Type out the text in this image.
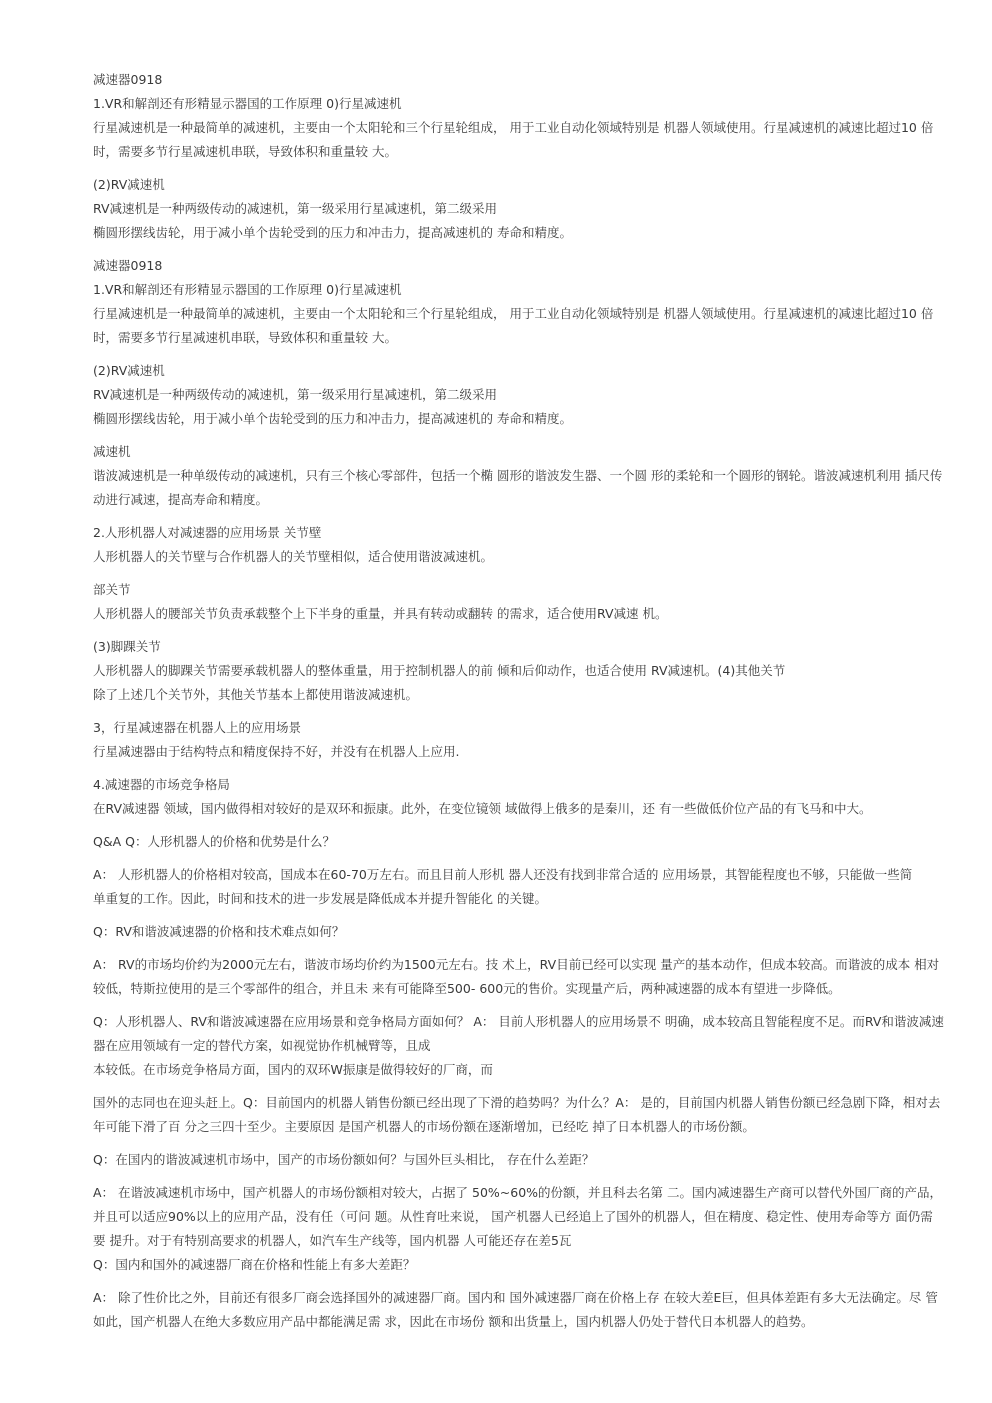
减速器0918
1.VR和解剖还有形精显示器国的工作原理 0)行星减速机
行星减速机是一种最简单的减速机，主要由一个太阳轮和三个行星轮组成， 用于工业自动化领域特别是 机器人领域使用。行星减速机的减速比超过10 倍时，需要多节行星减速机串联，导致体积和重量较 大。

(2)RV减速机
RV减速机是一种两级传动的减速机，第一级采用行星减速机，第二级采用
椭圆形摆线齿轮，用于减小单个齿轮受到的压力和冲击力，提高减速机的 寿命和精度。

减速器0918
1.VR和解剖还有形精显示器国的工作原理 0)行星减速机
行星减速机是一种最简单的减速机，主要由一个太阳轮和三个行星轮组成， 用于工业自动化领域特别是 机器人领域使用。行星减速机的减速比超过10 倍时，需要多节行星减速机串联，导致体积和重量较 大。

(2)RV减速机
RV减速机是一种两级传动的减速机，第一级采用行星减速机，第二级采用
椭圆形摆线齿轮，用于减小单个齿轮受到的压力和冲击力，提高减速机的 寿命和精度。

减速机
谐波减速机是一种单级传动的减速机，只有三个核心零部件，包括一个椭 圆形的谐波发生器、一个圆 形的柔轮和一个圆形的钢轮。谐波减速机利用 插尺传动进行减速，提高寿命和精度。

2.人形机器人对减速器的应用场景 关节壁
人形机器人的关节壁与合作机器人的关节壁相似，适合使用谐波减速机。

部关节
人形机器人的腰部关节负责承载整个上下半身的重量，并具有转动或翻转 的需求，适合使用RV减速 机。

(3)脚踝关节
人形机器人的脚踝关节需要承载机器人的整体重量，用于控制机器人的前 倾和后仰动作，也适合使用 RV减速机。(4)其他关节
除了上述几个关节外，其他关节基本上都使用谐波减速机。

3，行星减速器在机器人上的应用场景
行星减速器由于结构特点和精度保持不好，并没有在机器人上应用.

4.减速器的市场竞争格局
在RV减速器 领域，国内做得相对较好的是双环和振康。此外，在变位镜领 域做得上俄多的是秦川，还 有一些做低价位产品的有飞马和中大。

Q&A Q：人形机器人的价格和优势是什么？

A： 人形机器人的价格相对较高，国成本在60-70万左右。而且目前人形机 器人还没有找到非常合适的 应用场景，其智能程度也不够，只能做一些简
单重复的工作。因此，时间和技术的进一步发展是降低成本并提升智能化 的关键。

Q：RV和谐波减速器的价格和技术难点如何？

A： RV的市场均价约为2000元左右，谐波市场均价约为1500元左右。技 术上，RV目前已经可以实现 量产的基本动作，但成本较高。而谐波的成本 相对较低，特斯拉使用的是三个零部件的组合，并且未 来有可能降至500- 600元的售价。实现量产后，两种减速器的成本有望进一步降低。

Q：人形机器人、RV和谐波减速器在应用场景和竞争格局方面如何？ A： 目前人形机器人的应用场景不 明确，成本较高且智能程度不足。而RV和谐波减速器在应用领域有一定的替代方案，如视觉协作机械臂等，且成
本较低。在市场竞争格局方面，国内的双环W振康是做得较好的厂商，而

国外的志同也在迎头赶上。Q：目前国内的机器人销售份额已经出现了下滑的趋势吗？为什么？A： 是的，目前国内机器人销售份额已经急剧下降，相对去年可能下滑了百 分之三四十至少。主要原因 是国产机器人的市场份额在逐渐增加，已经吃 掉了日本机器人的市场份额。

Q：在国内的谐波减速机市场中，国产的市场份额如何？与国外巨头相比， 存在什么差距？

A： 在谐波减速机市场中，国产机器人的市场份额相对较大，占据了 50%~60%的份额，并且科去名第 二。国内减速器生产商可以替代外国厂商的产品，并且可以适应90%以上的应用产品，没有任（可问 题。从性育吐来说， 国产机器人已经追上了国外的机器人，但在精度、稳定性、使用寿命等方 面仍需要 提升。对于有特别高要求的机器人，如汽车生产线等，国内机器 人可能还存在差5瓦
Q：国内和国外的减速器厂商在价格和性能上有多大差距？

A： 除了性价比之外，目前还有很多厂商会选择国外的减速器厂商。国内和 国外减速器厂商在价格上存 在较大差E巨，但具体差距有多大无法确定。尽 管如此，国产机器人在绝大多数应用产品中都能满足需 求，因此在市场份 额和出货量上，国内机器人仍处于替代日本机器人的趋势。
